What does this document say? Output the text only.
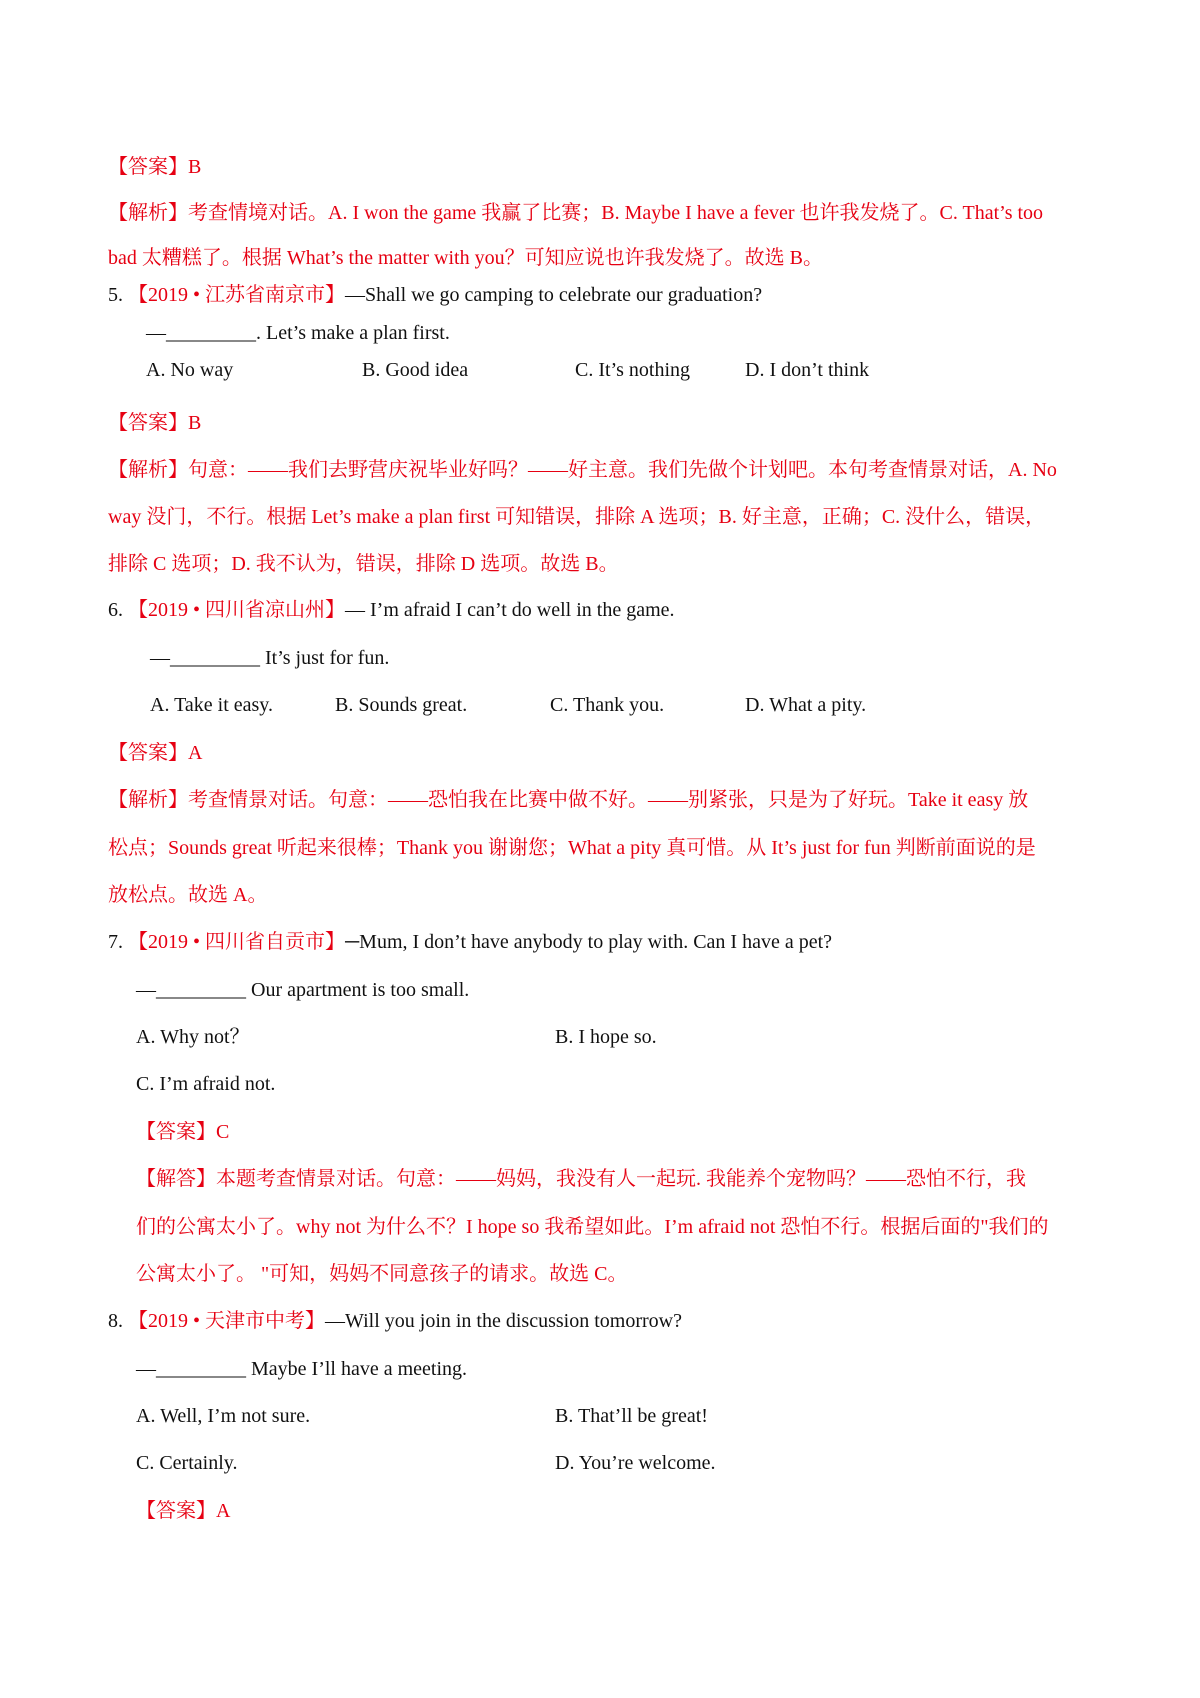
【答案】B
【解析】考查情境对话。A. I won the game 我赢了比赛；B. Maybe I have a fever 也许我发烧了。C. That’s too
bad 太糟糕了。根据 What’s the matter with you？可知应说也许我发烧了。故选 B。
5. 【2019 • 江苏省南京市】—Shall we go camping to celebrate our graduation?
—_________. Let’s make a plan first.
A. No way	B. Good idea	C. It’s nothing	D. I don’t think
【答案】B
【解析】句意：——我们去野营庆祝毕业好吗？——好主意。我们先做个计划吧。本句考查情景对话，A. No
way 没门，不行。根据 Let’s make a plan first 可知错误，排除 A 选项；B. 好主意，正确；C. 没什么，错误，
排除 C 选项；D. 我不认为，错误，排除 D 选项。故选 B。
6. 【2019 • 四川省凉山州】— I’m afraid I can’t do well in the game.
—_________ It’s just for fun.
A. Take it easy.	B. Sounds great.	C. Thank you.	D. What a pity.
【答案】A
【解析】考查情景对话。句意：——恐怕我在比赛中做不好。——别紧张，只是为了好玩。Take it easy 放
松点；Sounds great 听起来很棒；Thank you 谢谢您；What a pity 真可惜。从 It’s just for fun 判断前面说的是
放松点。故选 A。
7. 【2019 • 四川省自贡市】─Mum, I don’t have anybody to play with. Can I have a pet?
—_________ Our apartment is too small.
A. Why not？	B. I hope so.
C. I’m afraid not.
【答案】C
【解答】本题考查情景对话。句意：——妈妈，我没有人一起玩. 我能养个宠物吗？——恐怕不行，我
们的公寓太小了。why not 为什么不？I hope so 我希望如此。I’m afraid not 恐怕不行。根据后面的"我们的
公寓太小了。 "可知，妈妈不同意孩子的请求。故选 C。
8. 【2019 • 天津市中考】—Will you join in the discussion tomorrow?
—_________ Maybe I’ll have a meeting.
A. Well, I’m not sure.	B. That’ll be great!
C. Certainly.	D. You’re welcome.
【答案】A
